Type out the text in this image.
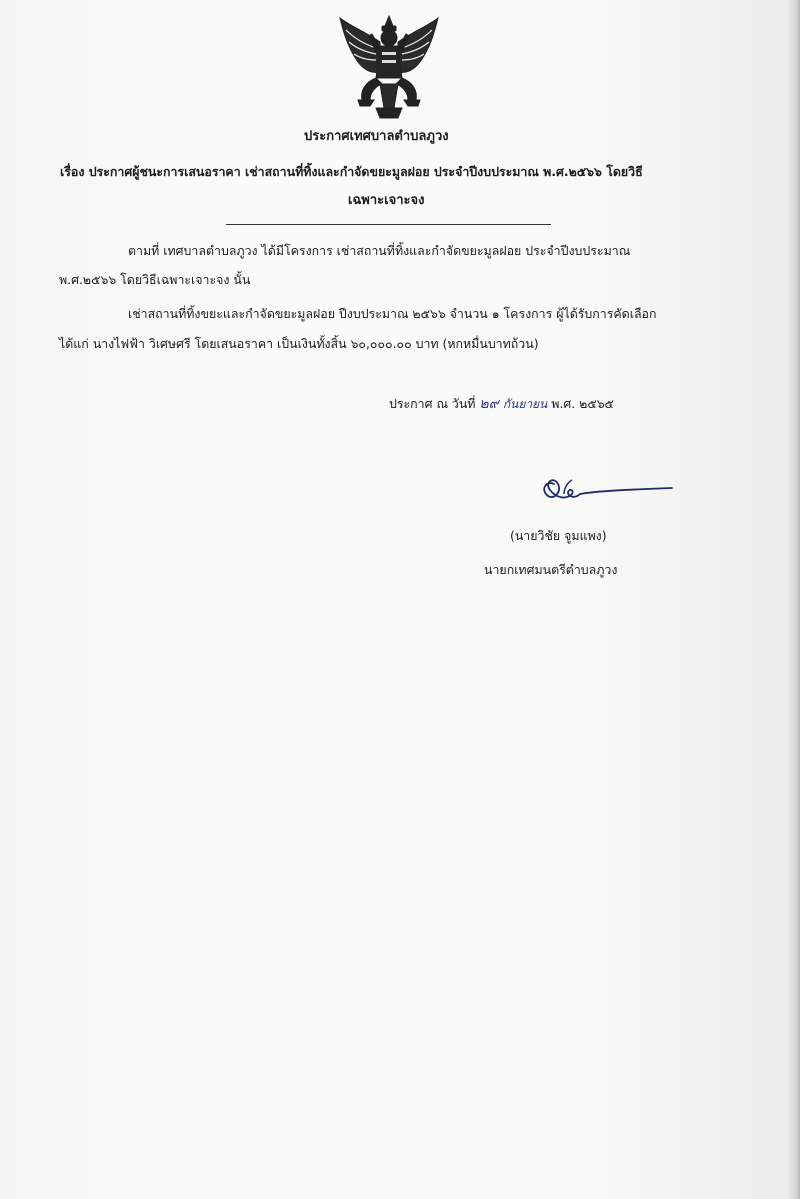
ประกาศเทศบาลตำบลภูวง
เรื่อง ประกาศผู้ชนะการเสนอราคา เช่าสถานที่ทิ้งและกำจัดขยะมูลฝอย ประจำปีงบประมาณ พ.ศ.๒๕๖๖ โดยวิธี
เฉพาะเจาะจง
ตามที่ เทศบาลตำบลภูวง ได้มีโครงการ เช่าสถานที่ทิ้งและกำจัดขยะมูลฝอย ประจำปีงบประมาณ
พ.ศ.๒๕๖๖ โดยวิธีเฉพาะเจาะจง นั้น
เช่าสถานที่ทิ้งขยะและกำจัดขยะมูลฝอย ปีงบประมาณ ๒๕๖๖ จำนวน ๑ โครงการ ผู้ได้รับการคัดเลือก
ได้แก่ นางไฟฟ้า วิเศษศรี โดยเสนอราคา เป็นเงินทั้งสิ้น ๖๐,๐๐๐.๐๐ บาท (หกหมื่นบาทถ้วน)
ประกาศ ณ วันที่ ๒๙ กันยายน พ.ศ. ๒๕๖๕
(นายวิชัย จูมแพง)
นายกเทศมนตรีตำบลภูวง
